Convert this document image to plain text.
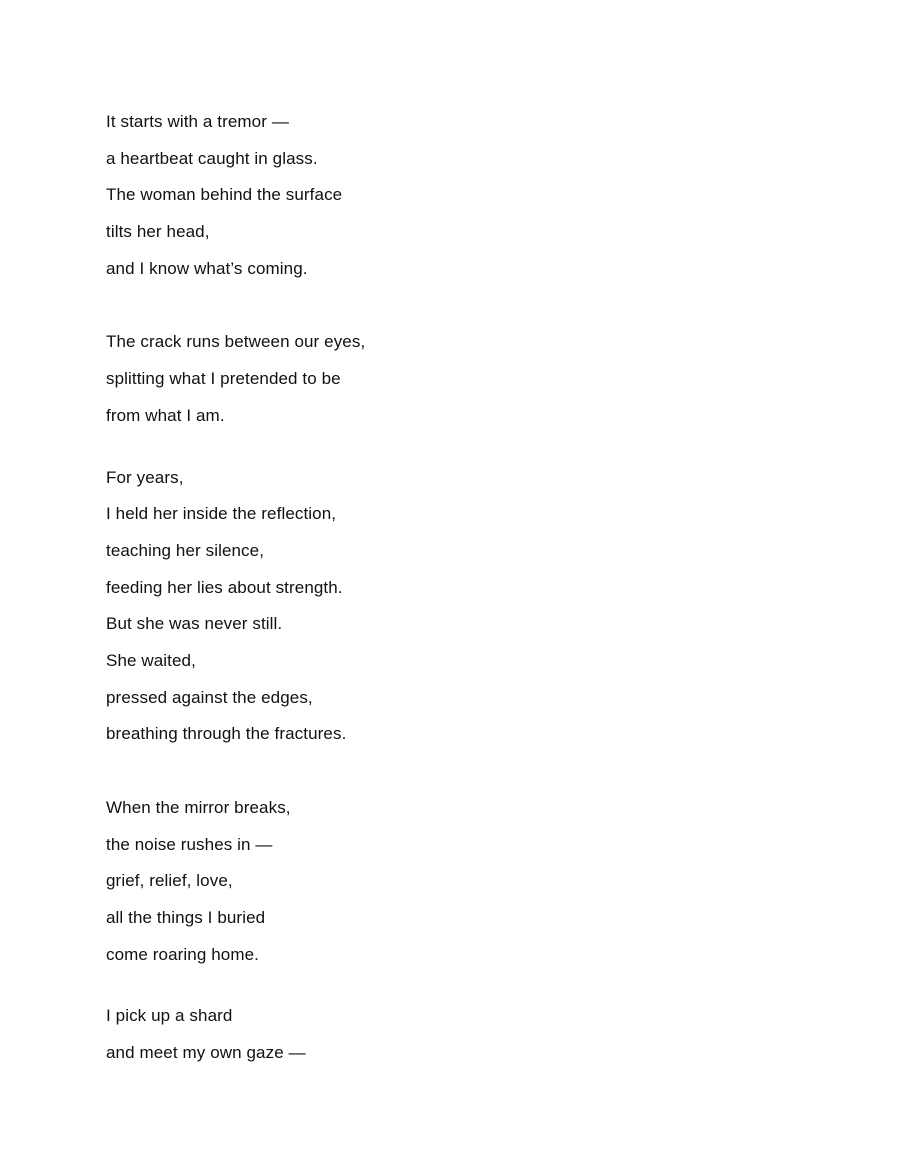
It starts with a tremor —
a heartbeat caught in glass.
The woman behind the surface
tilts her head,
and I know what’s coming.
The crack runs between our eyes,
splitting what I pretended to be
from what I am.
For years,
I held her inside the reflection,
teaching her silence,
feeding her lies about strength.
But she was never still.
She waited,
pressed against the edges,
breathing through the fractures.
When the mirror breaks,
the noise rushes in —
grief, relief, love,
all the things I buried
come roaring home.
I pick up a shard
and meet my own gaze —
